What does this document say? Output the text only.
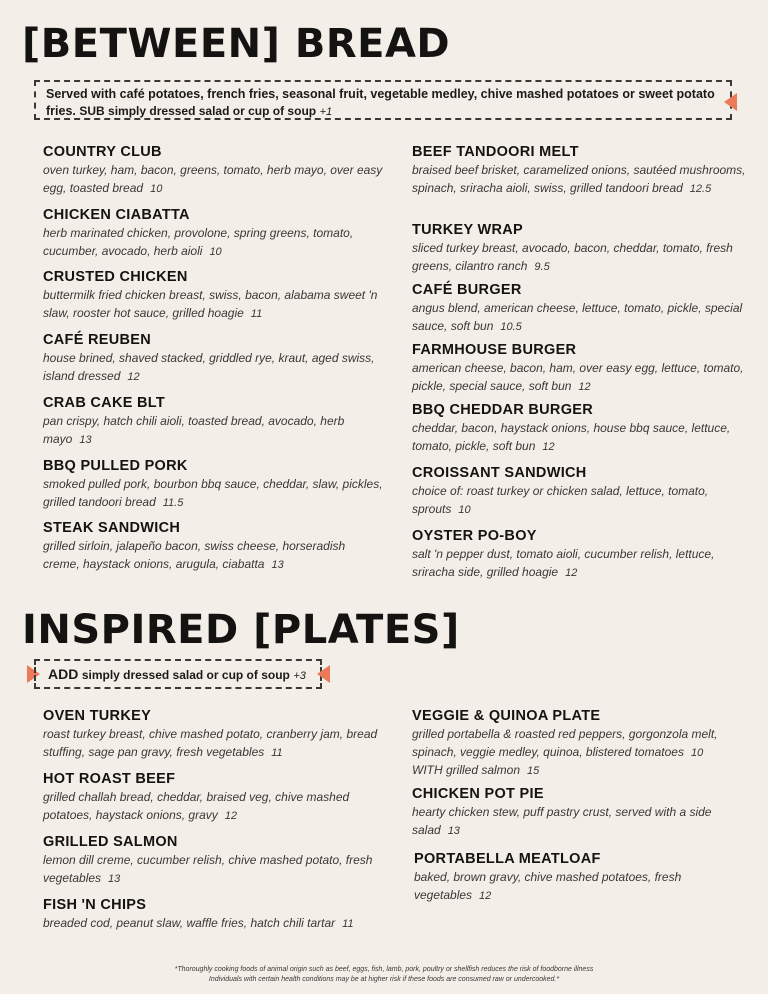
[BETWEEN] BREAD
Served with café potatoes, french fries, seasonal fruit, vegetable medley, chive mashed potatoes or sweet potato fries. SUB simply dressed salad or cup of soup +1
COUNTRY CLUB
oven turkey, ham, bacon, greens, tomato, herb mayo, over easy egg, toasted bread 10
CHICKEN CIABATTA
herb marinated chicken, provolone, spring greens, tomato, cucumber, avocado, herb aioli 10
CRUSTED CHICKEN
buttermilk fried chicken breast, swiss, bacon, alabama sweet 'n slaw, rooster hot sauce, grilled hoagie 11
CAFÉ REUBEN
house brined, shaved stacked, griddled rye, kraut, aged swiss, island dressed 12
CRAB CAKE BLT
pan crispy, hatch chili aioli, toasted bread, avocado, herb mayo 13
BBQ PULLED PORK
smoked pulled pork, bourbon bbq sauce, cheddar, slaw, pickles, grilled tandoori bread 11.5
STEAK SANDWICH
grilled sirloin, jalapeño bacon, swiss cheese, horseradish creme, haystack onions, arugula, ciabatta 13
BEEF TANDOORI MELT
braised beef brisket, caramelized onions, sautéed mushrooms, spinach, sriracha aioli, swiss, grilled tandoori bread 12.5
TURKEY WRAP
sliced turkey breast, avocado, bacon, cheddar, tomato, fresh greens, cilantro ranch 9.5
CAFÉ BURGER
angus blend, american cheese, lettuce, tomato, pickle, special sauce, soft bun 10.5
FARMHOUSE BURGER
american cheese, bacon, ham, over easy egg, lettuce, tomato, pickle, special sauce, soft bun 12
BBQ CHEDDAR BURGER
cheddar, bacon, haystack onions, house bbq sauce, lettuce, tomato, pickle, soft bun 12
CROISSANT SANDWICH
choice of: roast turkey or chicken salad, lettuce, tomato, sprouts 10
OYSTER PO-BOY
salt 'n pepper dust, tomato aioli, cucumber relish, lettuce, sriracha side, grilled hoagie 12
INSPIRED [PLATES]
ADD simply dressed salad or cup of soup +3
OVEN TURKEY
roast turkey breast, chive mashed potato, cranberry jam, bread stuffing, sage pan gravy, fresh vegetables 11
HOT ROAST BEEF
grilled challah bread, cheddar, braised veg, chive mashed potatoes, haystack onions, gravy 12
GRILLED SALMON
lemon dill creme, cucumber relish, chive mashed potato, fresh vegetables 13
FISH 'N CHIPS
breaded cod, peanut slaw, waffle fries, hatch chili tartar 11
VEGGIE & QUINOA PLATE
grilled portabella & roasted red peppers, gorgonzola melt, spinach, veggie medley, quinoa, blistered tomatoes 10
WITH grilled salmon 15
CHICKEN POT PIE
hearty chicken stew, puff pastry crust, served with a side salad 13
PORTABELLA MEATLOAF
baked, brown gravy, chive mashed potatoes, fresh vegetables 12
*Thoroughly cooking foods of animal origin such as beef, eggs, fish, lamb, pork, poultry or shellfish reduces the risk of foodborne illness
Individuals with certain health conditions may be at higher risk if these foods are consumed raw or undercooked.*
